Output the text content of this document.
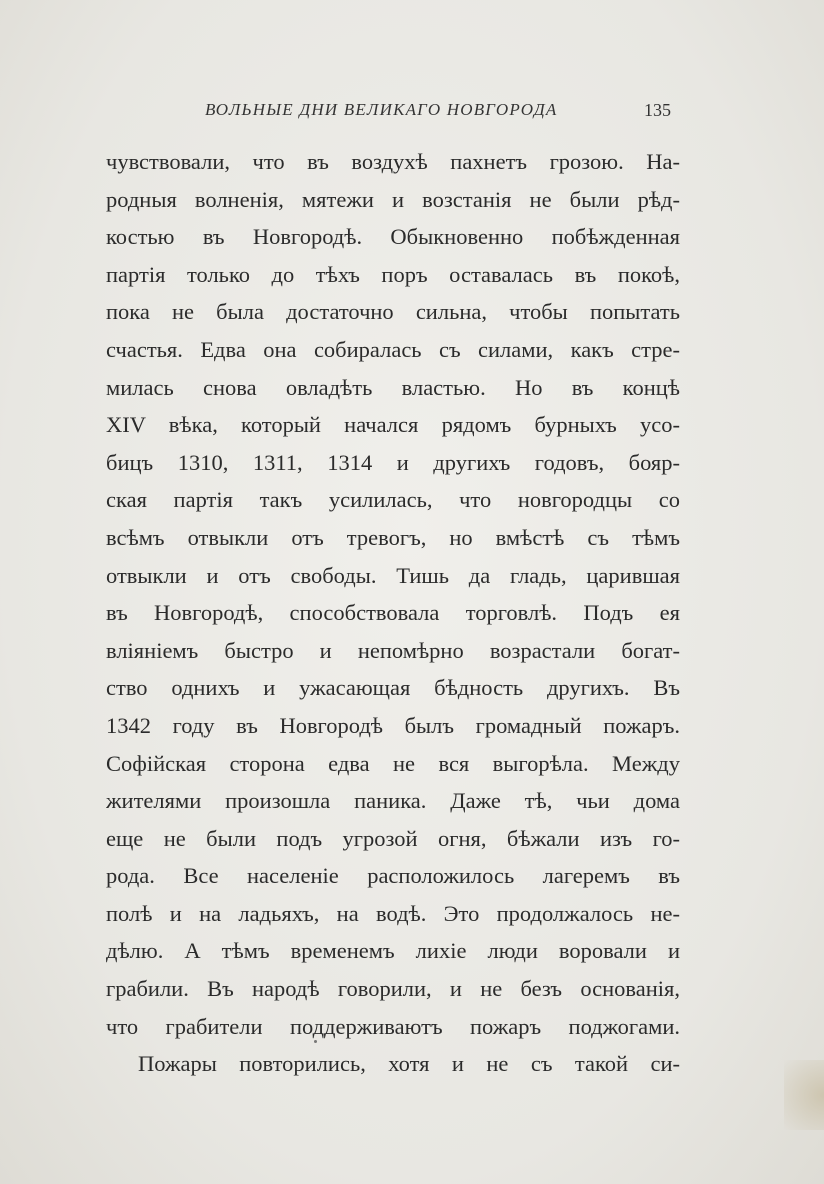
ВОЛЬНЫЕ ДНИ ВЕЛИКАГО НОВГОРОДА	135
чувствовали, что въ воздухѣ пахнетъ грозою. На-
родныя волненія, мятежи и возстанія не были рѣд-
костью въ Новгородѣ. Обыкновенно побѣжденная
партія только до тѣхъ поръ оставалась въ покоѣ,
пока не была достаточно сильна, чтобы попытать
счастья. Едва она собиралась съ силами, какъ стре-
милась снова овладѣть властью. Но въ концѣ
XIV вѣка, который начался рядомъ бурныхъ усо-
бицъ 1310, 1311, 1314 и другихъ годовъ, бояр-
ская партія такъ усилилась, что новгородцы со
всѣмъ отвыкли отъ тревогъ, но вмѣстѣ съ тѣмъ
отвыкли и отъ свободы. Тишь да гладь, царившая
въ Новгородѣ, способствовала торговлѣ. Подъ ея
вліяніемъ быстро и непомѣрно возрастали богат-
ство однихъ и ужасающая бѣдность другихъ. Въ
1342 году въ Новгородѣ былъ громадный пожаръ.
Софійская сторона едва не вся выгорѣла. Между
жителями произошла паника. Даже тѣ, чьи дома
еще не были подъ угрозой огня, бѣжали изъ го-
рода. Все населеніе расположилось лагеремъ въ
полѣ и на ладьяхъ, на водѣ. Это продолжалось не-
дѣлю. А тѣмъ временемъ лихіе люди воровали и
грабили. Въ народѣ говорили, и не безъ основанія,
что грабители поддерживаютъ пожаръ поджогами.
Пожары повторились, хотя и не съ такой си-
